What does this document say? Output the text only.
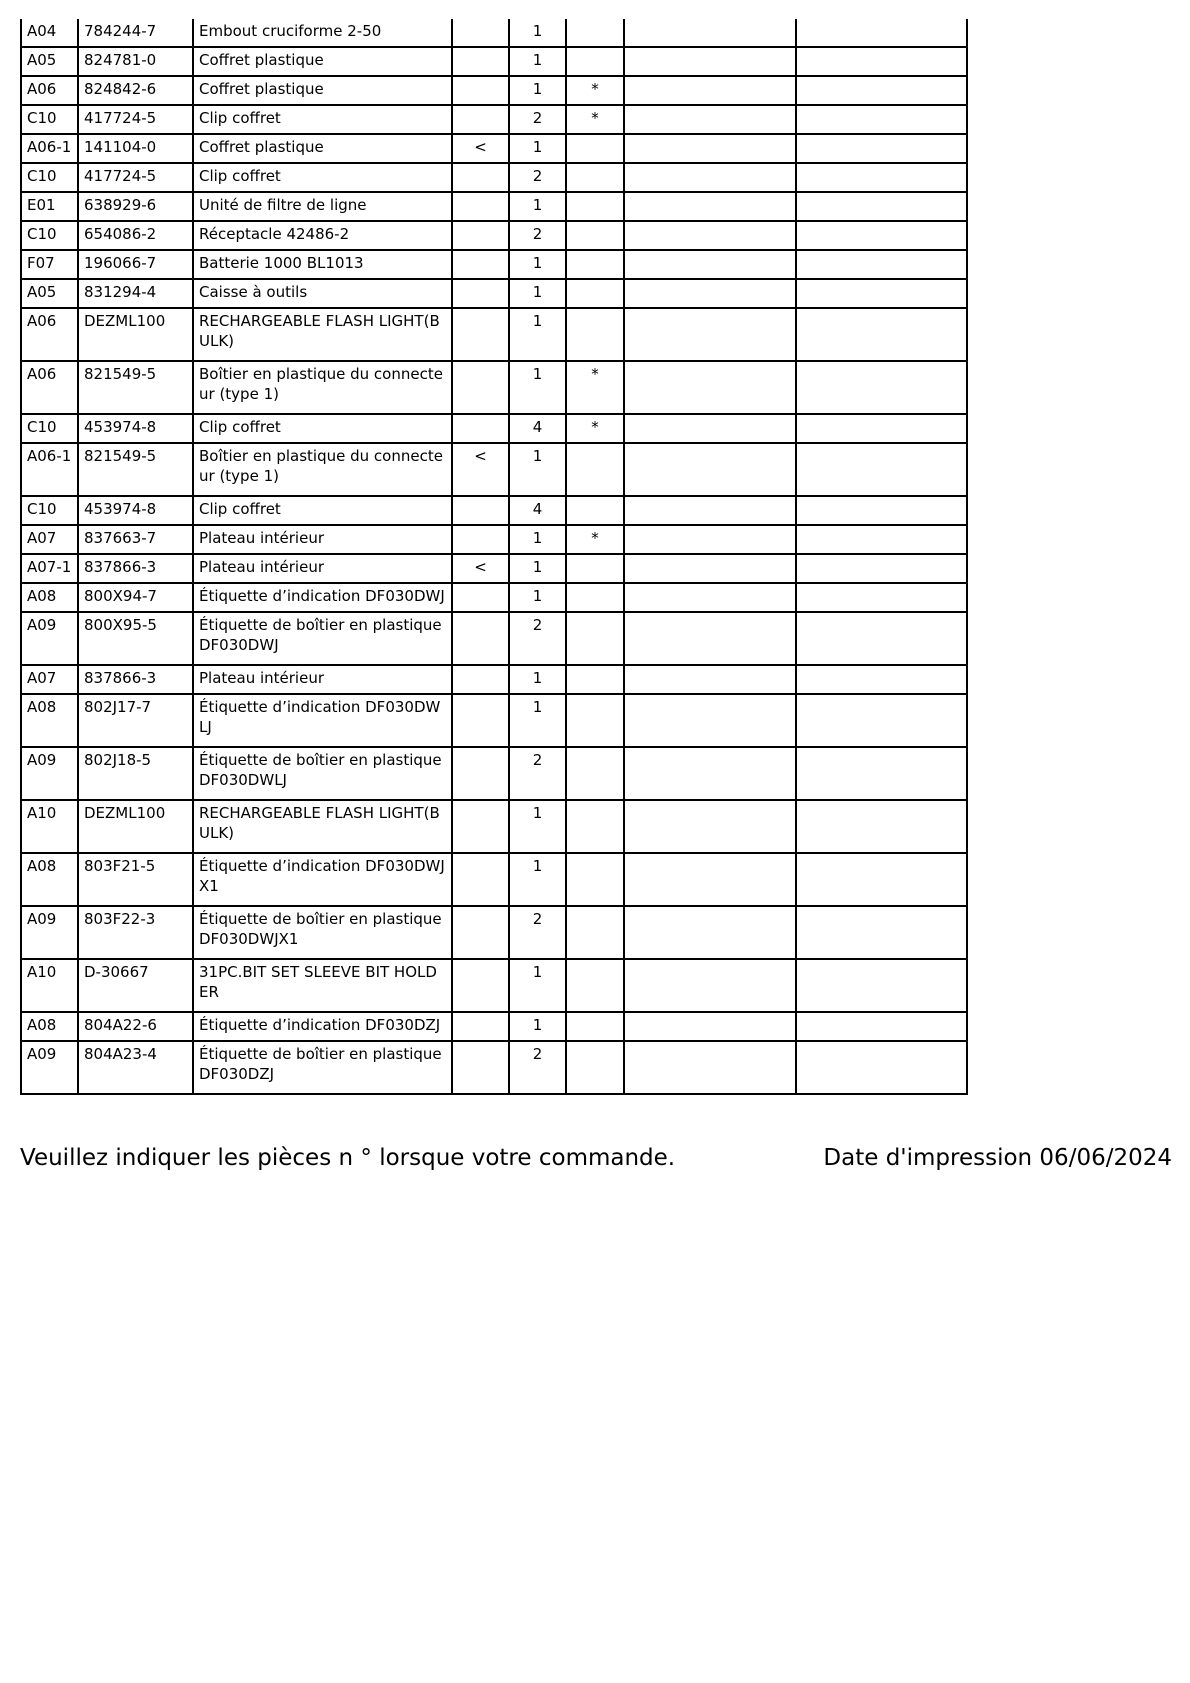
A04	784244-7	Embout cruciforme 2-50		1			
A05	824781-0	Coffret plastique		1			
A06	824842-6	Coffret plastique		1	*		
C10	417724-5	Clip coffret		2	*		
A06-1	141104-0	Coffret plastique	<	1			
C10	417724-5	Clip coffret		2			
E01	638929-6	Unité de filtre de ligne		1			
C10	654086-2	Réceptacle 42486-2		2			
F07	196066-7	Batterie 1000 BL1013		1			
A05	831294-4	Caisse à outils		1			
A06	DEZML100	RECHARGEABLE FLASH LIGHT(BULK)		1			
A06	821549-5	Boîtier en plastique du connecteur (type 1)		1	*		
C10	453974-8	Clip coffret		4	*		
A06-1	821549-5	Boîtier en plastique du connecteur (type 1)	<	1			
C10	453974-8	Clip coffret		4			
A07	837663-7	Plateau intérieur		1	*		
A07-1	837866-3	Plateau intérieur	<	1			
A08	800X94-7	Étiquette d’indication DF030DWJ		1			
A09	800X95-5	Étiquette de boîtier en plastique DF030DWJ		2			
A07	837866-3	Plateau intérieur		1			
A08	802J17-7	Étiquette d’indication DF030DWLJ		1			
A09	802J18-5	Étiquette de boîtier en plastique DF030DWLJ		2			
A10	DEZML100	RECHARGEABLE FLASH LIGHT(BULK)		1			
A08	803F21-5	Étiquette d’indication DF030DWJX1		1			
A09	803F22-3	Étiquette de boîtier en plastique DF030DWJX1		2			
A10	D-30667	31PC.BIT SET SLEEVE BIT HOLDER		1			
A08	804A22-6	Étiquette d’indication DF030DZJ		1			
A09	804A23-4	Étiquette de boîtier en plastique DF030DZJ		2			
Veuillez indiquer les pièces n ° lorsque votre commande.	Date d'impression 06/06/2024
